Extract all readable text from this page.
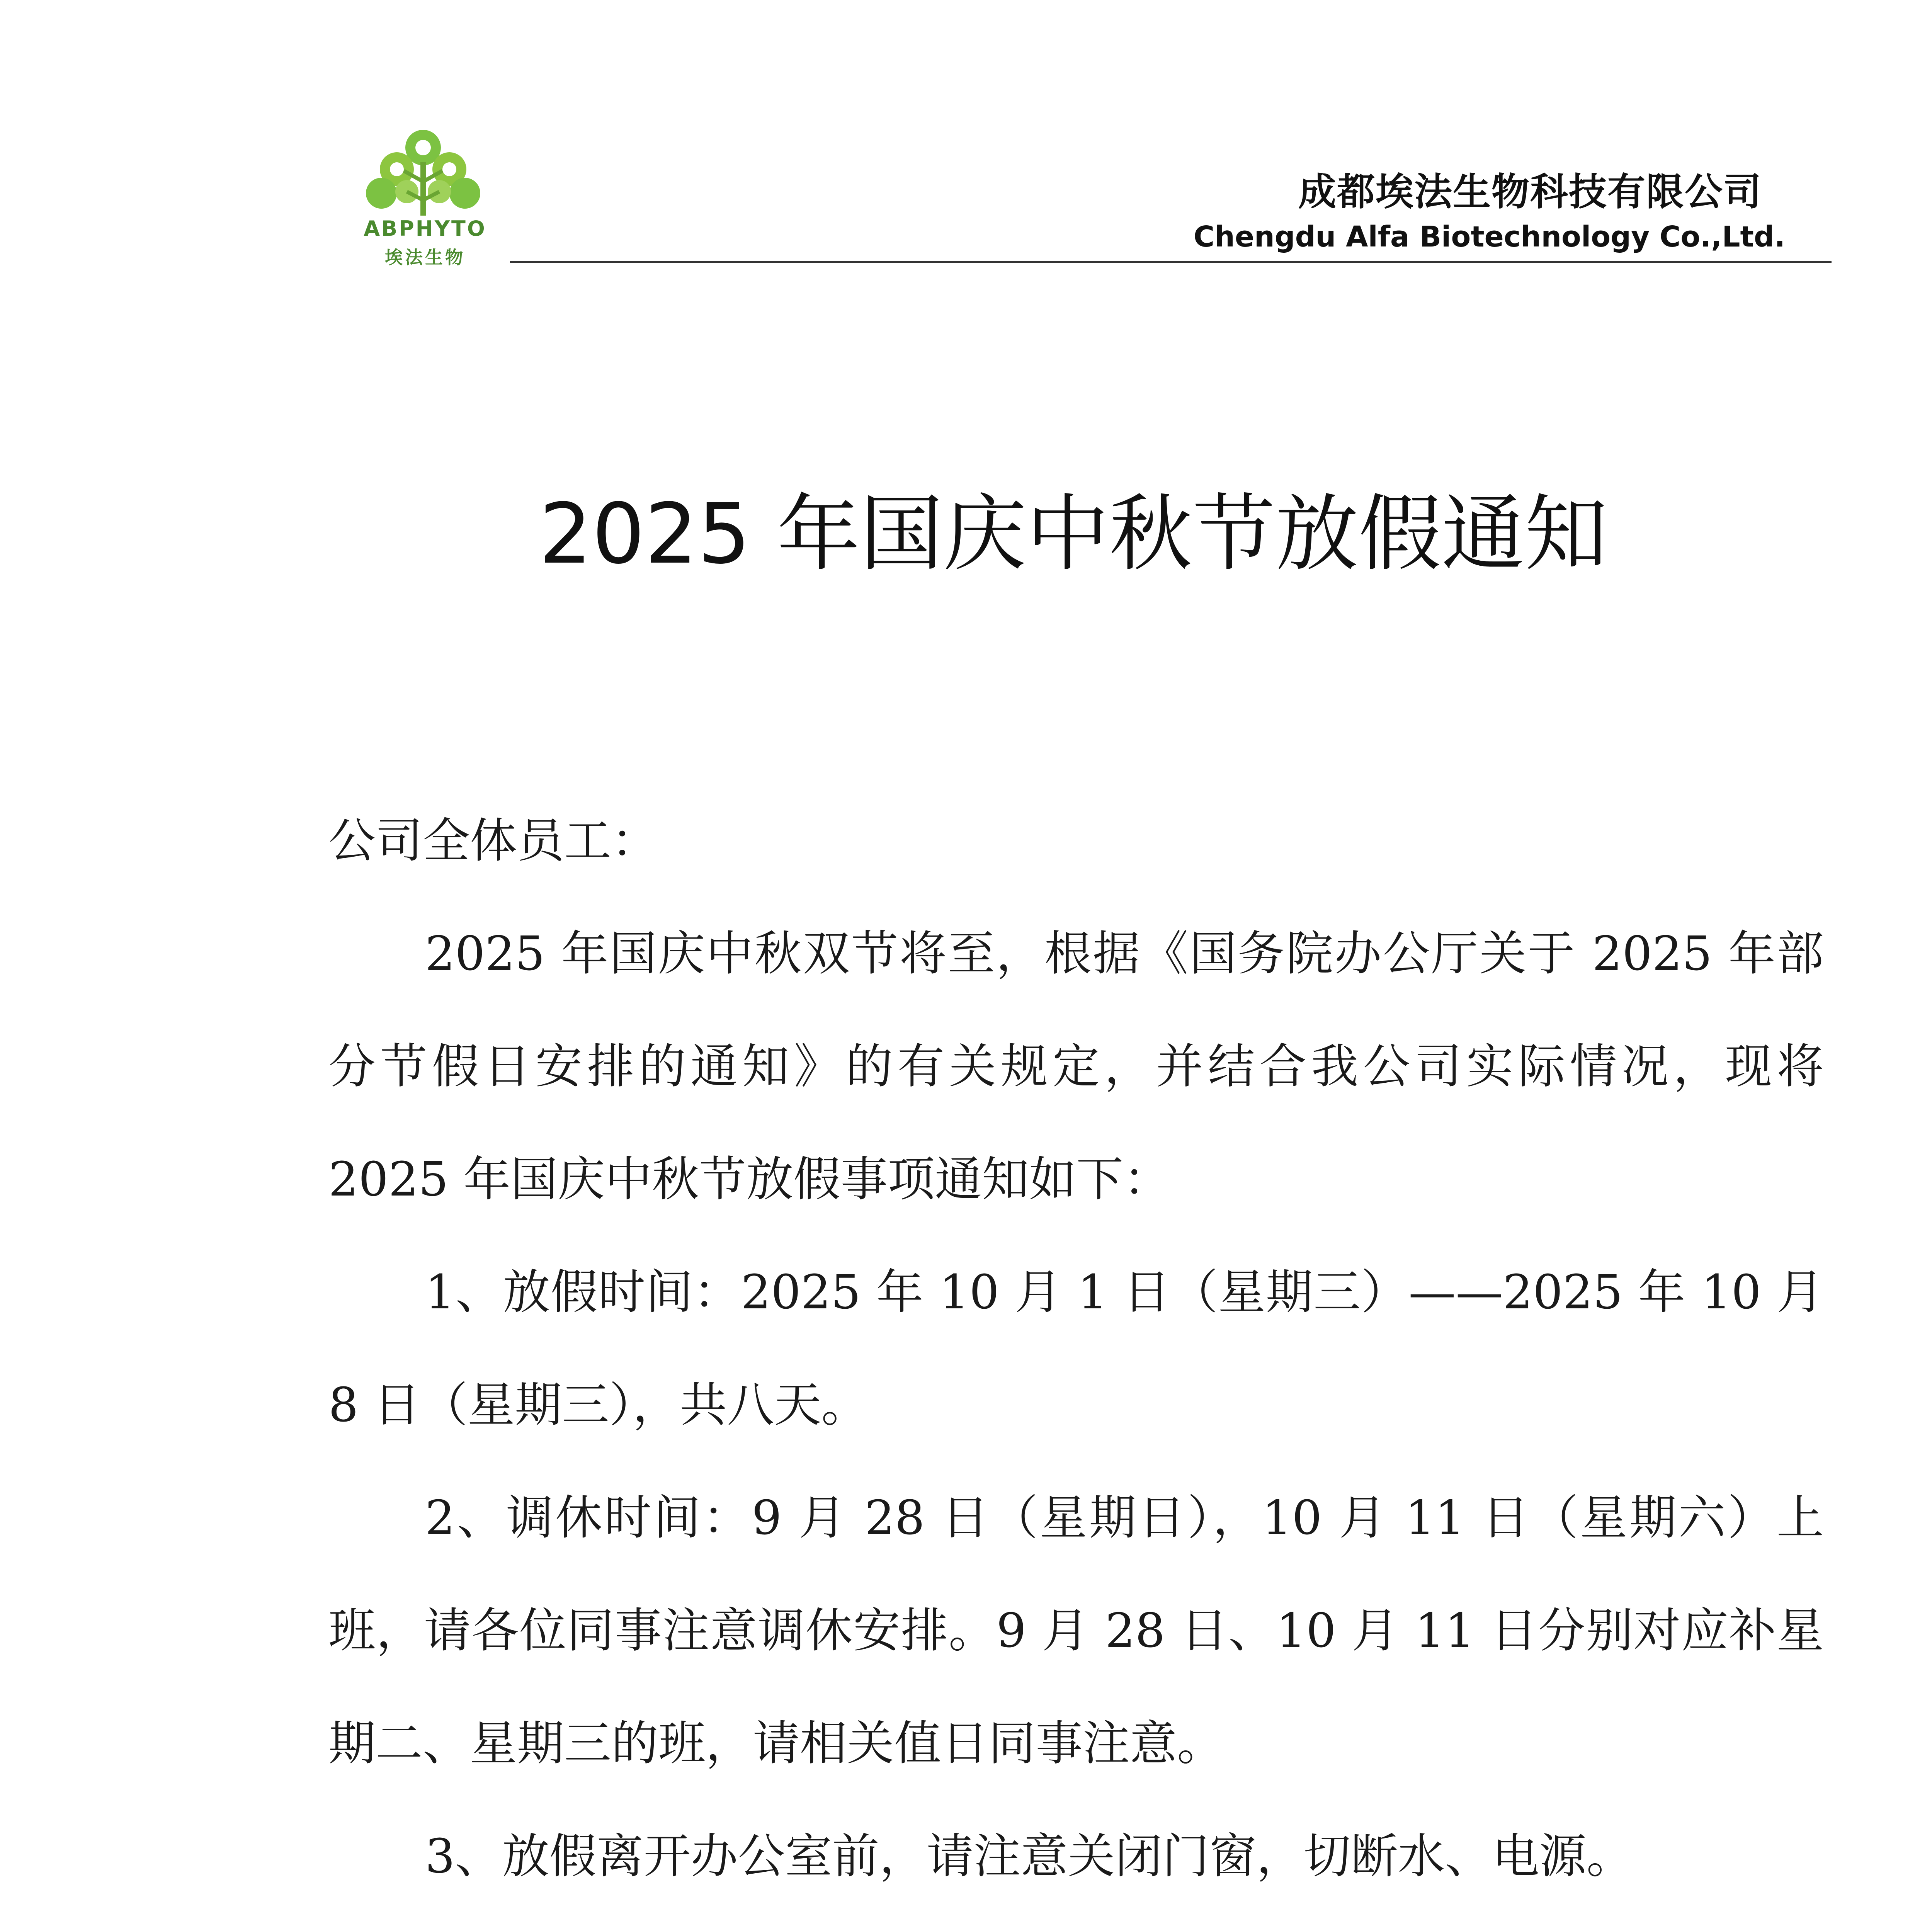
ABPHYTO
埃法生物
成都埃法生物科技有限公司
Chengdu Alfa Biotechnology Co.,Ltd.
2025 年国庆中秋节放假通知

公司全体员工：

2025 年国庆中秋双节将至，根据《国务院办公厅关于 2025 年部分节假日安排的通知》的有关规定，并结合我公司实际情况，现将 2025 年国庆中秋节放假事项通知如下：

1、放假时间：2025 年 10 月 1 日（星期三）——2025 年 10 月 8 日（星期三），共八天。

2、调休时间：9 月 28 日（星期日），10 月 11 日（星期六）上班，请各位同事注意调休安排。9 月 28 日、10 月 11 日分别对应补星期二、星期三的班，请相关值日同事注意。

3、放假离开办公室前，请注意关闭门窗，切断水、电源。
